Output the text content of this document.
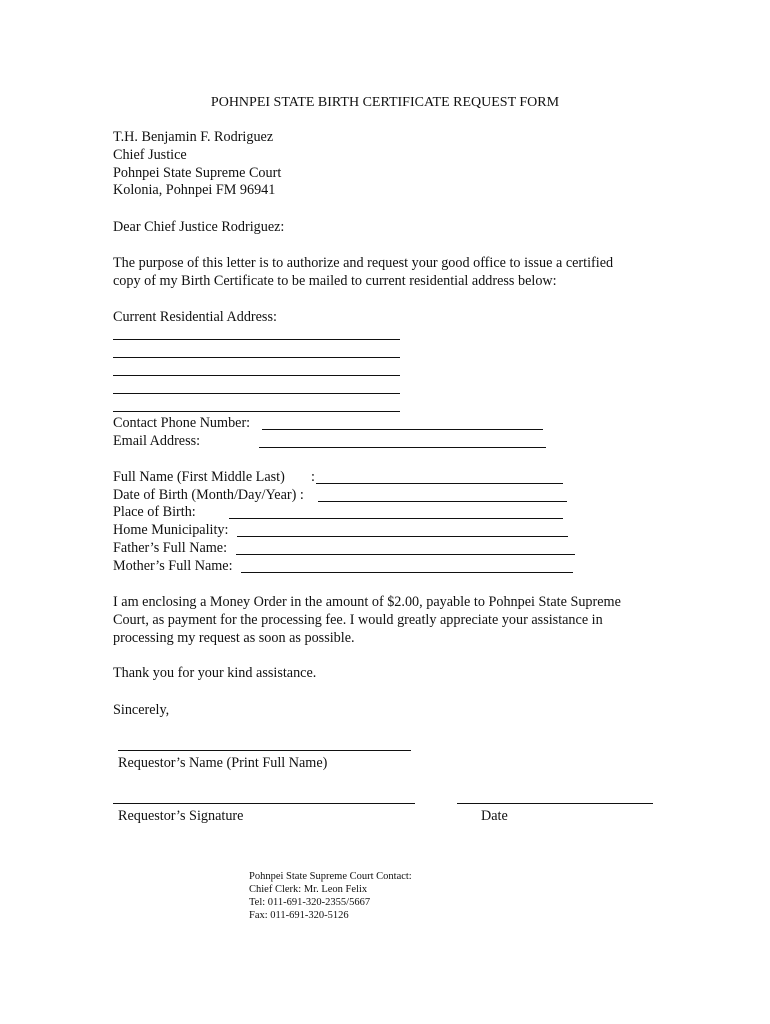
POHNPEI STATE BIRTH CERTIFICATE REQUEST FORM
T.H. Benjamin F. Rodriguez
Chief Justice
Pohnpei State Supreme Court
Kolonia, Pohnpei FM 96941
Dear Chief Justice Rodriguez:
The purpose of this letter is to authorize and request your good office to issue a certified
copy of my Birth Certificate to be mailed to current residential address below:
Current Residential Address:
Contact Phone Number:
Email Address:
Full Name (First Middle Last) :
Date of Birth (Month/Day/Year) :
Place of Birth:
Home Municipality:
Father’s Full Name:
Mother’s Full Name:
I am enclosing a Money Order in the amount of $2.00, payable to Pohnpei State Supreme
Court, as payment for the processing fee. I would greatly appreciate your assistance in
processing my request as soon as possible.
Thank you for your kind assistance.
Sincerely,
Requestor’s Name (Print Full Name)
Requestor’s Signature	Date
Pohnpei State Supreme Court Contact:
Chief Clerk: Mr. Leon Felix
Tel: 011-691-320-2355/5667
Fax: 011-691-320-5126
